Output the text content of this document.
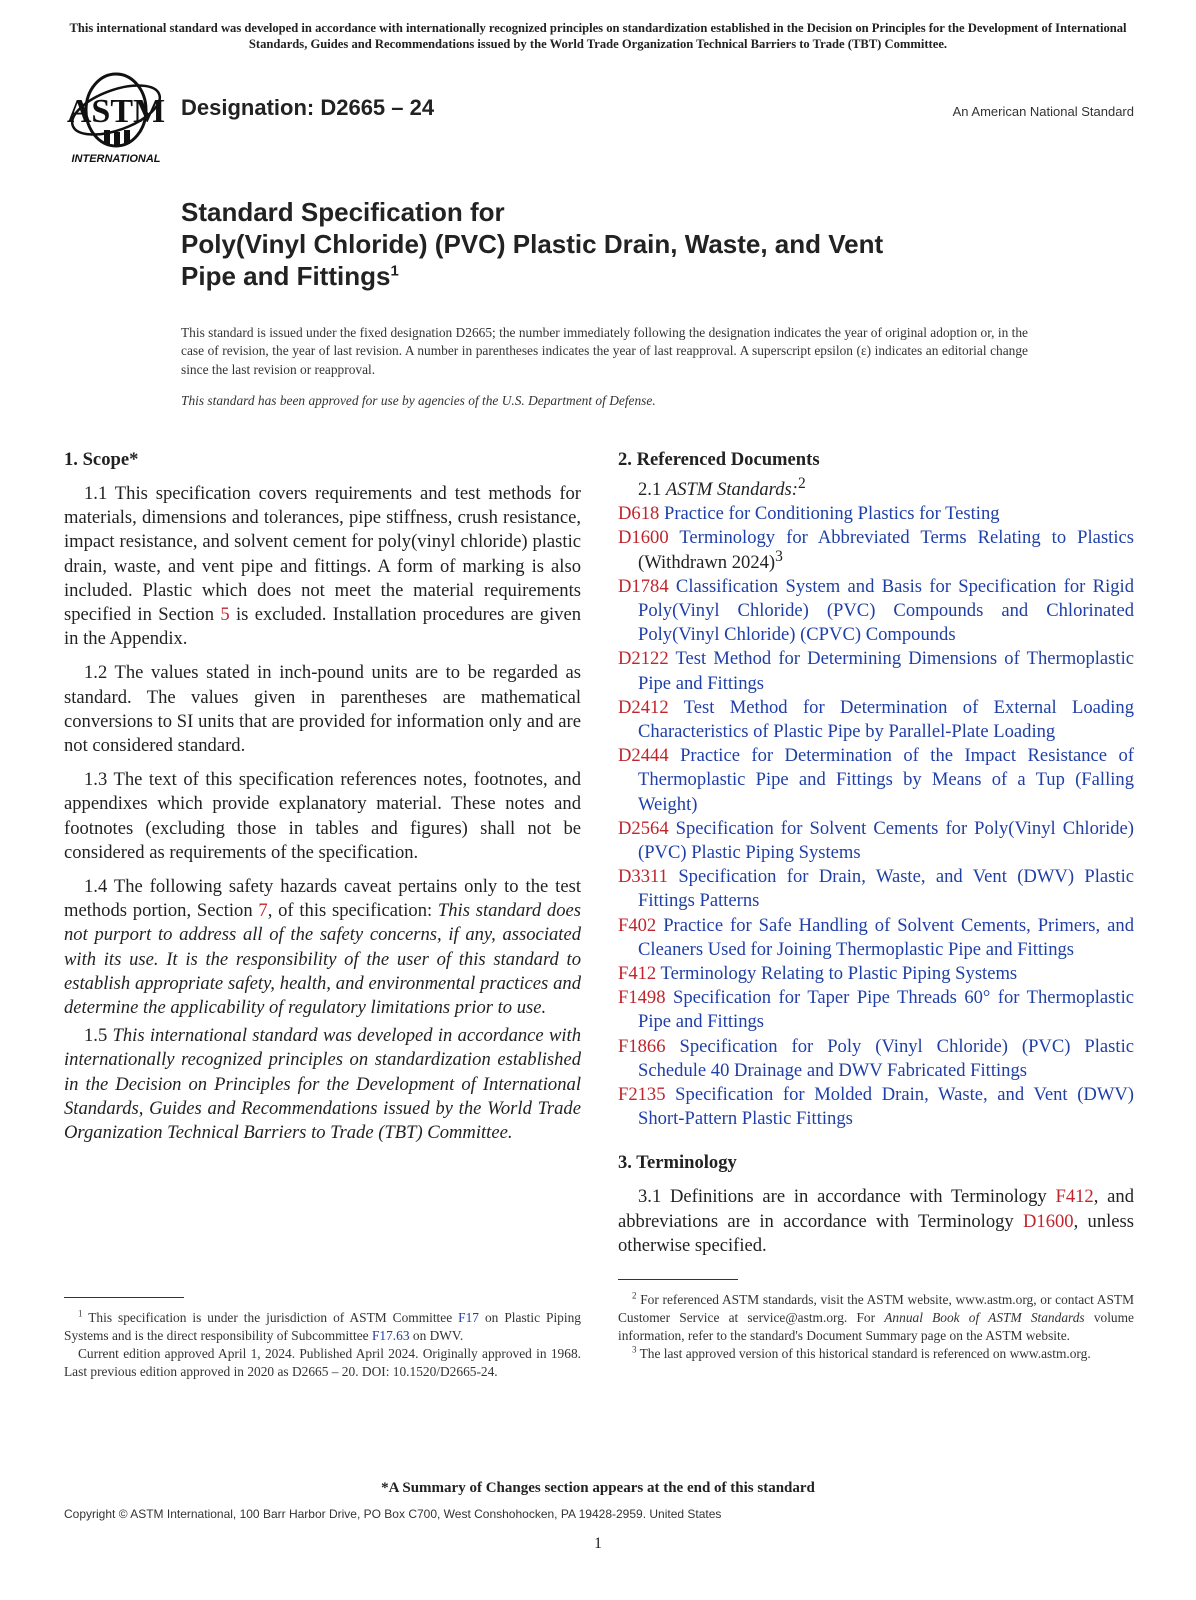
This international standard was developed in accordance with internationally recognized principles on standardization established in the Decision on Principles for the Development of International Standards, Guides and Recommendations issued by the World Trade Organization Technical Barriers to Trade (TBT) Committee.
ASTM
INTERNATIONAL
Designation: D2665 – 24	An American National Standard
Standard Specification for
Poly(Vinyl Chloride) (PVC) Plastic Drain, Waste, and Vent
Pipe and Fittings$^1$
This standard is issued under the fixed designation D2665; the number immediately following the designation indicates the year of original adoption or, in the case of revision, the year of last revision. A number in parentheses indicates the year of last reapproval. A superscript epsilon (ε) indicates an editorial change since the last revision or reapproval.
This standard has been approved for use by agencies of the U.S. Department of Defense.
1. Scope*

1.1 This specification covers requirements and test methods for materials, dimensions and tolerances, pipe stiffness, crush resistance, impact resistance, and solvent cement for poly(vinyl chloride) plastic drain, waste, and vent pipe and fittings. A form of marking is also included. Plastic which does not meet the material requirements specified in Section 5 is excluded. Installation procedures are given in the Appendix.

1.2 The values stated in inch-pound units are to be regarded as standard. The values given in parentheses are mathematical conversions to SI units that are provided for information only and are not considered standard.

1.3 The text of this specification references notes, footnotes, and appendixes which provide explanatory material. These notes and footnotes (excluding those in tables and figures) shall not be considered as requirements of the specification.

1.4 The following safety hazards caveat pertains only to the test methods portion, Section 7, of this specification: This standard does not purport to address all of the safety concerns, if any, associated with its use. It is the responsibility of the user of this standard to establish appropriate safety, health, and environmental practices and determine the applicability of regulatory limitations prior to use.

1.5 This international standard was developed in accordance with internationally recognized principles on standardization established in the Decision on Principles for the Development of International Standards, Guides and Recommendations issued by the World Trade Organization Technical Barriers to Trade (TBT) Committee.

2. Referenced Documents
2.1 ASTM Standards:$^2$

D618 Practice for Conditioning Plastics for Testing

D1600 Terminology for Abbreviated Terms Relating to Plastics (Withdrawn 2024)$^3$

D1784 Classification System and Basis for Specification for Rigid Poly(Vinyl Chloride) (PVC) Compounds and Chlorinated Poly(Vinyl Chloride) (CPVC) Compounds

D2122 Test Method for Determining Dimensions of Thermoplastic Pipe and Fittings

D2412 Test Method for Determination of External Loading Characteristics of Plastic Pipe by Parallel-Plate Loading

D2444 Practice for Determination of the Impact Resistance of Thermoplastic Pipe and Fittings by Means of a Tup (Falling Weight)

D2564 Specification for Solvent Cements for Poly(Vinyl Chloride) (PVC) Plastic Piping Systems

D3311 Specification for Drain, Waste, and Vent (DWV) Plastic Fittings Patterns

F402 Practice for Safe Handling of Solvent Cements, Primers, and Cleaners Used for Joining Thermoplastic Pipe and Fittings

F412 Terminology Relating to Plastic Piping Systems

F1498 Specification for Taper Pipe Threads 60° for Thermoplastic Pipe and Fittings

F1866 Specification for Poly (Vinyl Chloride) (PVC) Plastic Schedule 40 Drainage and DWV Fabricated Fittings

F2135 Specification for Molded Drain, Waste, and Vent (DWV) Short-Pattern Plastic Fittings

3. Terminology

3.1 Definitions are in accordance with Terminology F412, and abbreviations are in accordance with Terminology D1600, unless otherwise specified.

$^1$ This specification is under the jurisdiction of ASTM Committee F17 on Plastic Piping Systems and is the direct responsibility of Subcommittee F17.63 on DWV.

Current edition approved April 1, 2024. Published April 2024. Originally approved in 1968. Last previous edition approved in 2020 as D2665 – 20. DOI: 10.1520/D2665-24.

$^2$ For referenced ASTM standards, visit the ASTM website, www.astm.org, or contact ASTM Customer Service at service@astm.org. For Annual Book of ASTM Standards volume information, refer to the standard's Document Summary page on the ASTM website.

$^3$ The last approved version of this historical standard is referenced on www.astm.org.

*A Summary of Changes section appears at the end of this standard
Copyright © ASTM International, 100 Barr Harbor Drive, PO Box C700, West Conshohocken, PA 19428-2959. United States
1
